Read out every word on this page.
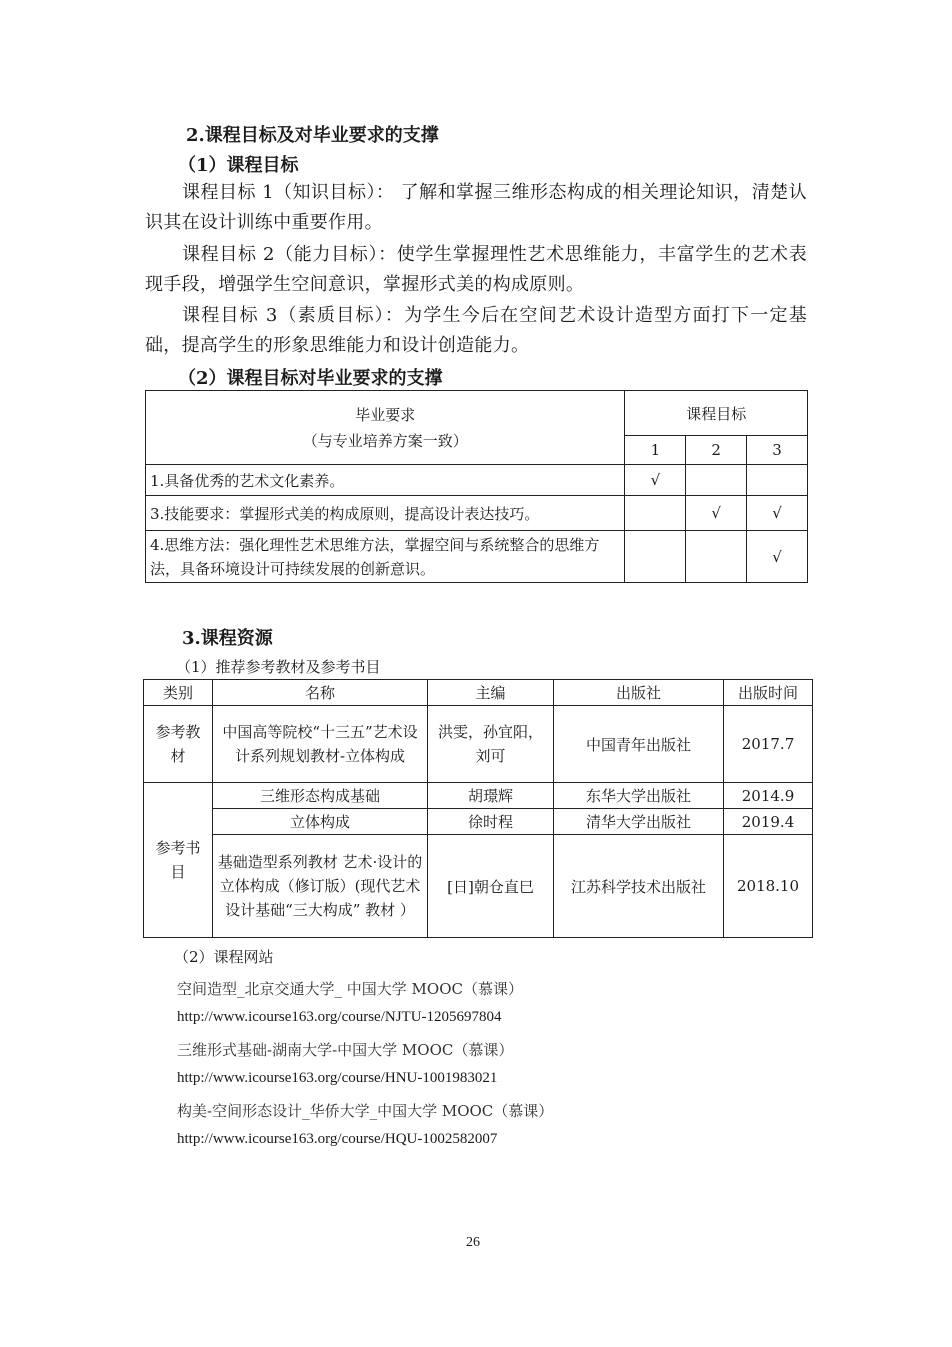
2.课程目标及对毕业要求的支撑
（1）课程目标
课程目标 1（知识目标）： 了解和掌握三维形态构成的相关理论知识，清楚认识其在设计训练中重要作用。
课程目标 2（能力目标）：使学生掌握理性艺术思维能力，丰富学生的艺术表现手段，增强学生空间意识，掌握形式美的构成原则。
课程目标 3（素质目标）：为学生今后在空间艺术设计造型方面打下一定基础，提高学生的形象思维能力和设计创造能力。
（2）课程目标对毕业要求的支撑
毕业要求
（与专业培养方案一致）	课程目标		
	1	2	3
1.具备优秀的艺术文化素养。	√		
3.技能要求：掌握形式美的构成原则，提高设计表达技巧。		√	√
4.思维方法：强化理性艺术思维方法，掌握空间与系统整合的思维方法，具备环境设计可持续发展的创新意识。			√
3.课程资源
（1）推荐参考教材及参考书目
类别	名称	主编	出版社	出版时间
参考教材	中国高等院校“十三五”艺术设计系列规划教材-立体构成	洪雯，孙宜阳，刘可	中国青年出版社	2017.7
参考书目	三维形态构成基础	胡璟辉	东华大学出版社	2014.9
	立体构成	徐时程	清华大学出版社	2019.4
	基础造型系列教材 艺术·设计的立体构成（修订版）(现代艺术设计基础“三大构成” 教材 ）	[日]朝仓直巳	江苏科学技术出版社	2018.10
（2）课程网站
空间造型_北京交通大学_ 中国大学 MOOC（慕课）
http://www.icourse163.org/course/NJTU-1205697804
三维形式基础-湖南大学-中国大学 MOOC（慕课）
http://www.icourse163.org/course/HNU-1001983021
构美-空间形态设计_华侨大学_中国大学 MOOC（慕课）
http://www.icourse163.org/course/HQU-1002582007
26
